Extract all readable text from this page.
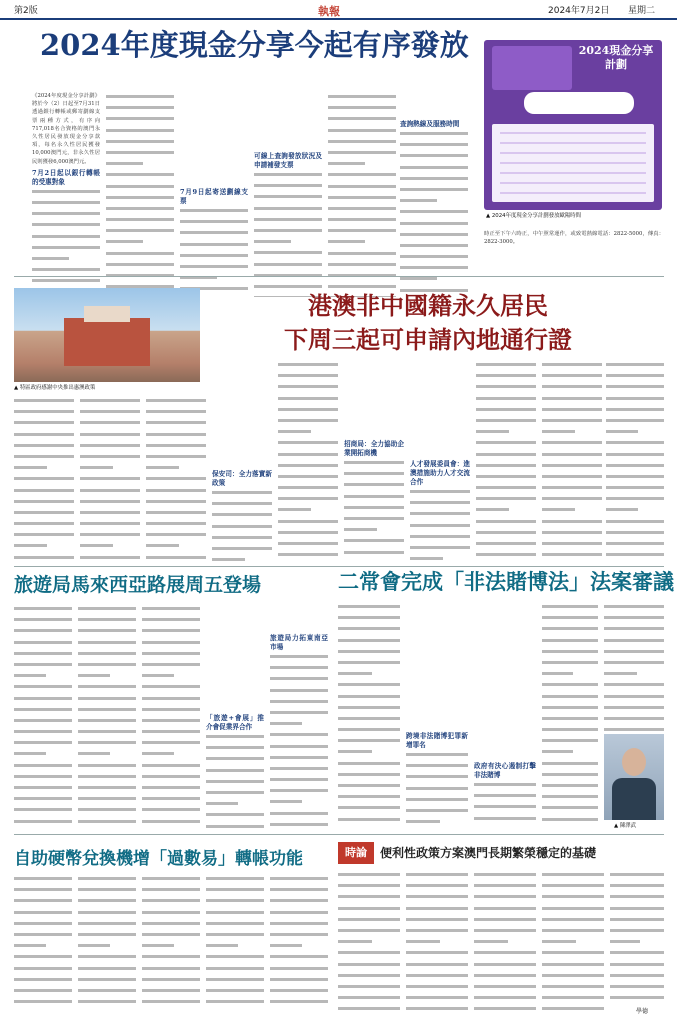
第2版	執報	2024年7月2日 星期二
2024年度現金分享今起有序發放
《2024年度現金分享計劃》將於今（2）日起至7月31日透過銀行轉帳或郵寄劃線支票兩種方式，有序向717,018名合資格的澳門永久性居民發放現金分享款項，每名永久性居民獲發10,000澳門元，非永久性居民則獲發6,000澳門元。
7月2日起以銀行轉帳的受惠對象
7月9日起寄送劃線支票
可線上查詢發放狀況及申請補發支票
查詢熱線及服務時間
2024現金分享計劃
▲ 2024年度現金分享計劃發放歐陽時間
時正至下午六時正，中午照常運作，或致電熱線電話：2822-5000，傳真：2822-3000。
港澳非中國籍永久居民
下周三起可申請內地通行證
▲ 特區政府感謝中央推出惠澳政策
保安司：全力落實新政策
招商局：全力協助企業開拓商機
人才發展委員會：進澳措施助力人才交流合作
旅遊局馬來西亞路展周五登場
「旅遊+會展」推介會促業界合作
旅遊局力拓東南亞市場
二常會完成「非法賭博法」法案審議
跨境非法賭博犯罪新增罪名
政府有決心遏制打擊非法賭博
▲ 陳澤武
自助硬幣兌換機增「過數易」轉帳功能	時論	便利性政策方案澳門長期繁榮穩定的基礎
學德
